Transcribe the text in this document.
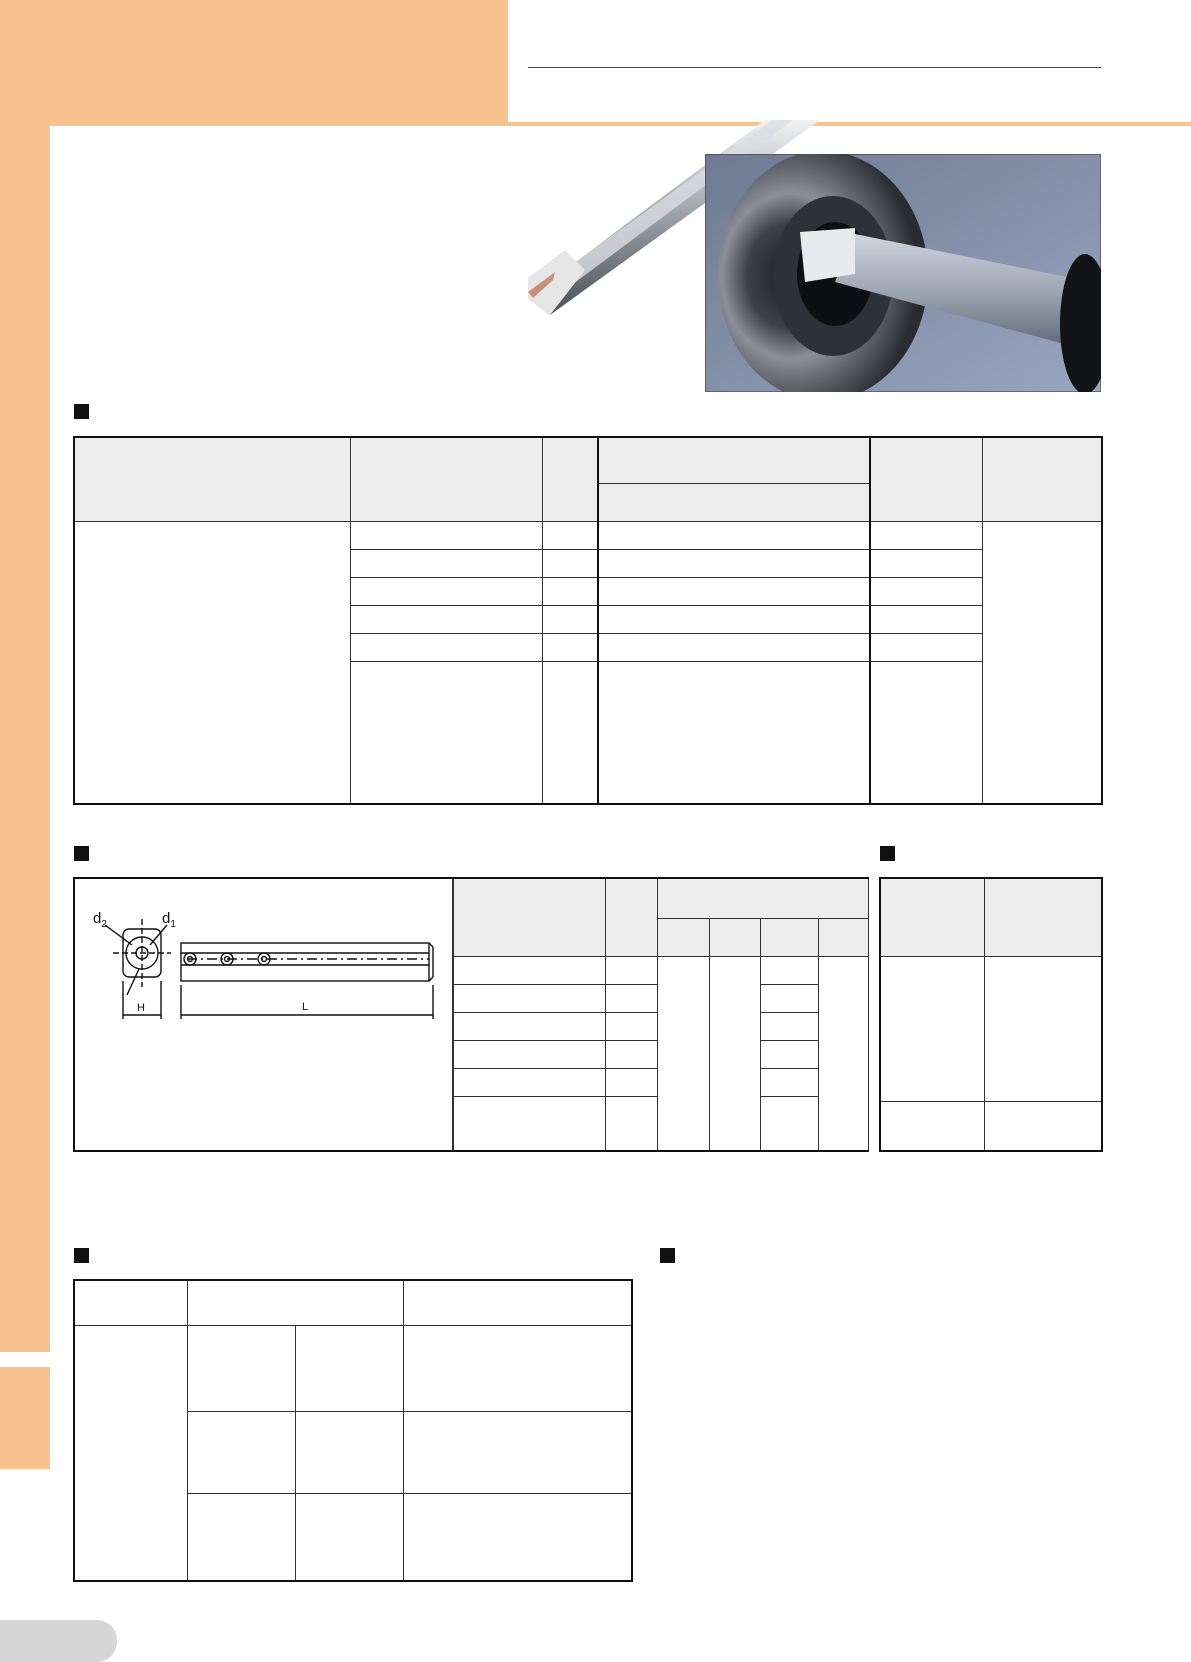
$d_2$	$d_1$
H	L
